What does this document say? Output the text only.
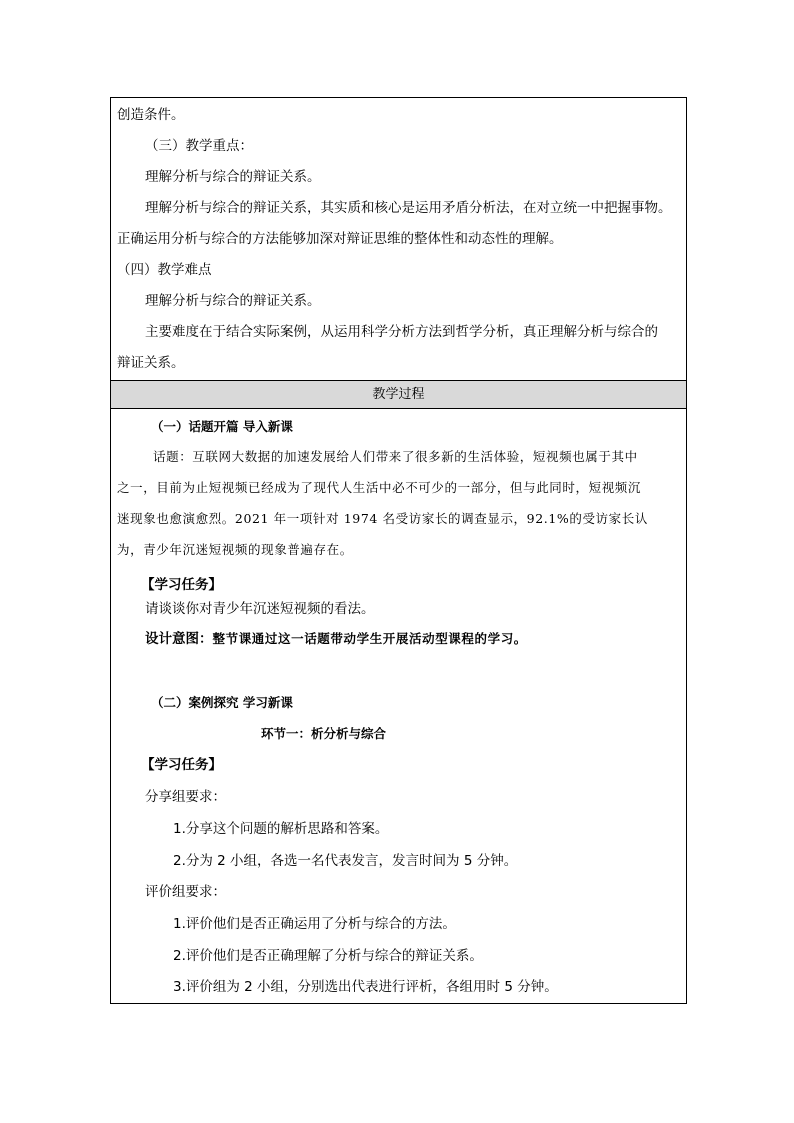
创造条件。
（三）教学重点：
理解分析与综合的辩证关系。
理解分析与综合的辩证关系，其实质和核心是运用矛盾分析法，在对立统一中把握事物。
正确运用分析与综合的方法能够加深对辩证思维的整体性和动态性的理解。
（四）教学难点
理解分析与综合的辩证关系。
主要难度在于结合实际案例，从运用科学分析方法到哲学分析，真正理解分析与综合的
辩证关系。
教学过程
（一）话题开篇 导入新课
话题：互联网大数据的加速发展给人们带来了很多新的生活体验，短视频也属于其中
之一，目前为止短视频已经成为了现代人生活中必不可少的一部分，但与此同时，短视频沉
迷现象也愈演愈烈。2021 年一项针对 1974 名受访家长的调查显示，92.1%的受访家长认
为，青少年沉迷短视频的现象普遍存在。
【学习任务】
请谈谈你对青少年沉迷短视频的看法。
设计意图：整节课通过这一话题带动学生开展活动型课程的学习。
（二）案例探究 学习新课
环节一：析分析与综合
【学习任务】
分享组要求：
1.分享这个问题的解析思路和答案。
2.分为 2 小组，各选一名代表发言，发言时间为 5 分钟。
评价组要求：
1.评价他们是否正确运用了分析与综合的方法。
2.评价他们是否正确理解了分析与综合的辩证关系。
3.评价组为 2 小组，分别选出代表进行评析，各组用时 5 分钟。
